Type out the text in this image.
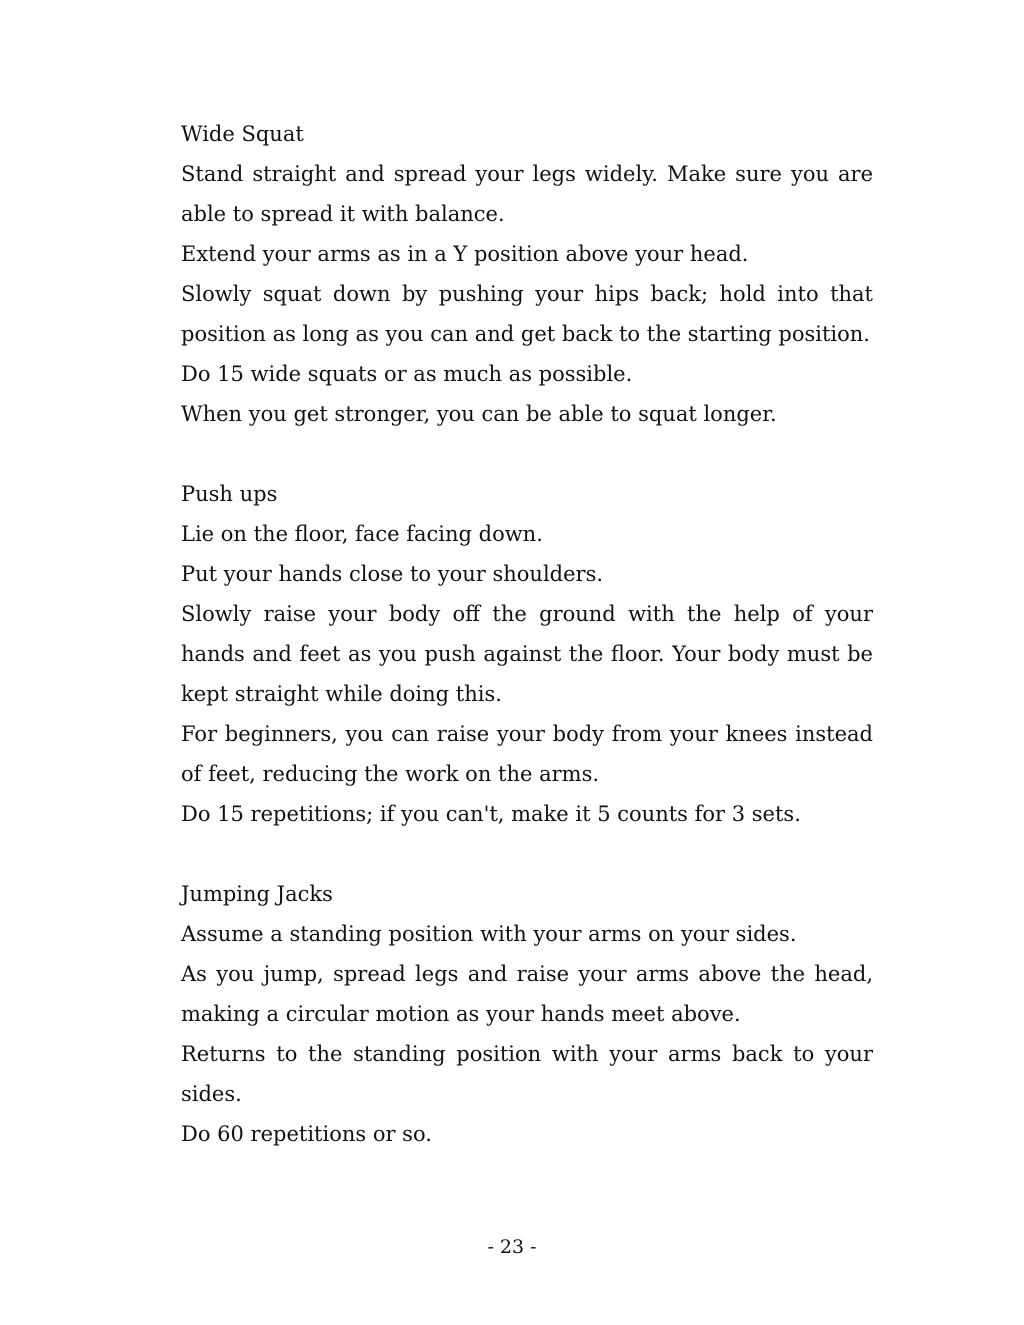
Wide Squat

Stand straight and spread your legs widely. Make sure you are able to spread it with balance.

Extend your arms as in a Y position above your head.

Slowly squat down by pushing your hips back; hold into that position as long as you can and get back to the starting position.

Do 15 wide squats or as much as possible.

When you get stronger, you can be able to squat longer.

Push ups

Lie on the floor, face facing down.

Put your hands close to your shoulders.

Slowly raise your body off the ground with the help of your hands and feet as you push against the floor. Your body must be kept straight while doing this.

For beginners, you can raise your body from your knees instead of feet, reducing the work on the arms.

Do 15 repetitions; if you can't, make it 5 counts for 3 sets.

Jumping Jacks

Assume a standing position with your arms on your sides.

As you jump, spread legs and raise your arms above the head, making a circular motion as your hands meet above.

Returns to the standing position with your arms back to your sides.

Do 60 repetitions or so.

- 23 -
